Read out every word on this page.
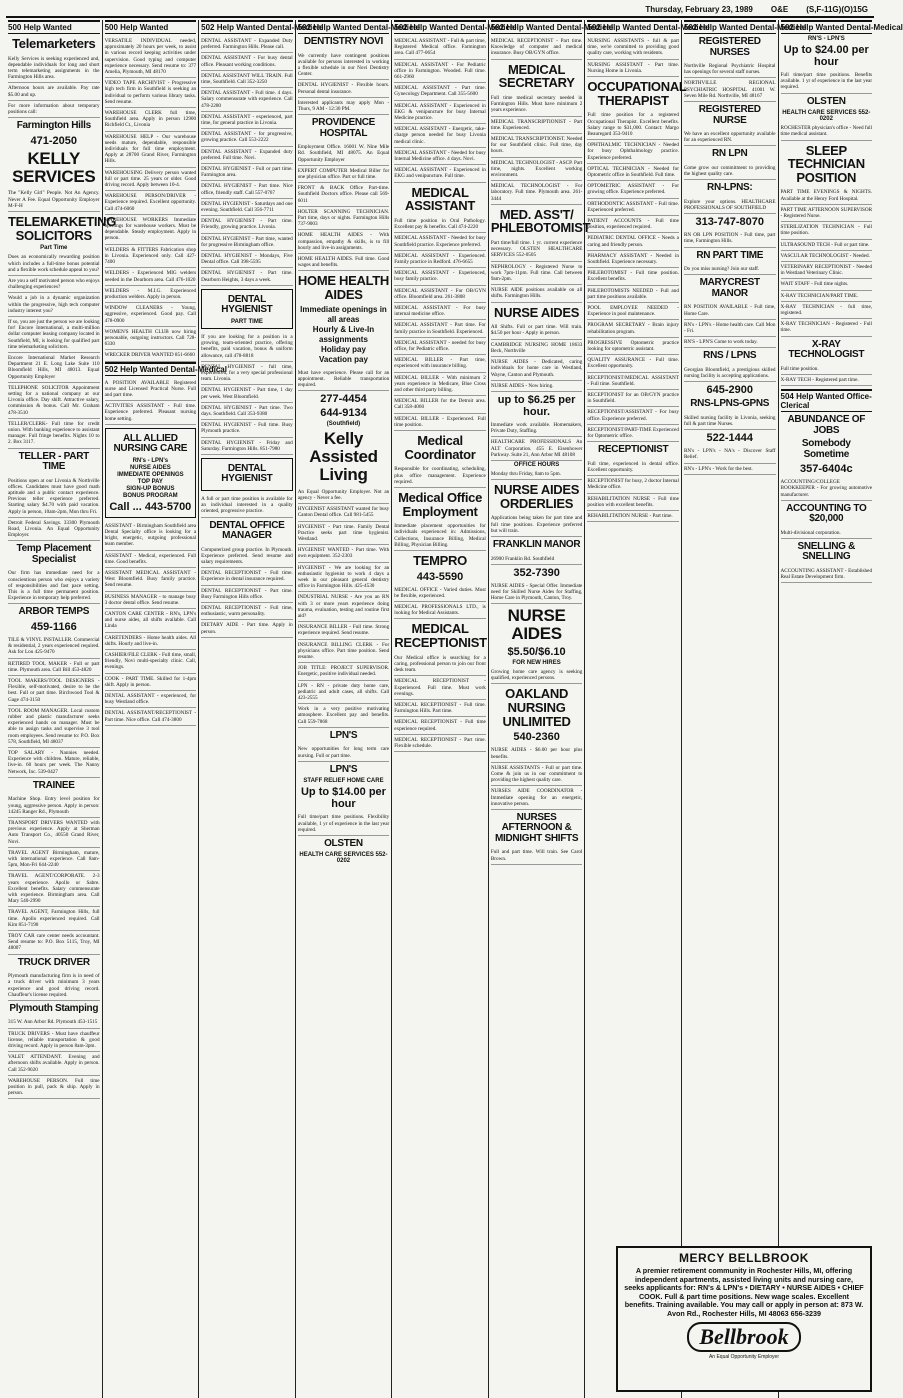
Thursday, February 23, 1989 O&E (S,F-11G)(O)15G
500 Help Wanted
Telemarketers
Kelly Services is seeking experienced and, dependable individuals for long and short term telemarketing assignments in the Farmington Hills area.
Afternoon hours are available. Pay rate $5.00 and up.
For more information about temporary positions call:
Farmington Hills
471-2050
KELLY SERVICES
The "Kelly Girl" People. Not An Agency. Never A Fee. Equal Opportunity Employer M-F-H
TELEMARKETING SOLICITORS
Part Time
Does an economically rewarding position which includes a full-time bonus potential and a flexible work schedule appeal to you?
Are you a self motivated person who enjoys challenging experiences?
Would a job in a dynamic organization within the progressive, high tech computer industry interest you?
If so, you are just the person we are looking for! Encore International, a multi-million dollar computer leasing company located in Southfield, MI, is looking for qualified part time telemarketing solicitors.
Encore International Market Research Department 21 E. Long Lake Suite 110 Bloomfield Hills, MI 48013. Equal Opportunity Employer
TELEPHONE SOLICITOR Appointment setting for a national company at our Livonia office. Day shift. Attractive salary, commission & bonus. Call Mr. Graham 478-3510
TELLER/CLERK- Full time for credit union. With banking experience to assistant manager. Full fringe benefits. Nights 10 to 2. Box 3117.
TELLER - PART TIME
Positions open at our Livonia & Northville offices. Candidates must have good math aptitude and a public contact experience. Previous teller experience preferred. Starting salary $4.70 with paid vacation. Apply in person, 10am-2pm, Mon thru Fri.
Detroit Federal Savings. 33300 Plymouth Road, Livonia. An Equal Opportunity Employer.
Temp Placement Specialist
Our firm has immediate need for a conscientious person who enjoys a variety of responsibilities and fast pace setting. This is a full time permanent position. Experience in temporary help preferred.
ARBOR TEMPS
459-1166
TILE & VINYL INSTALLER. Commercial & residential, 2 years experienced required. Ask for Lou 425-9470
RETIRED TOOL MAKER - Full or part time. Plymouth area. Call Bill 453-4820
TOOL MAKERS/TOOL DESIGNERS - Flexible, self-motivated, desire to be the best. Full or part time. Birchwood Tool & Gage 474-3150
TOOL ROOM MANAGER. Local custom rubber and plastic manufacturer seeks experienced hands on manager. Must be able to assign tasks and supervise 3 tool room employees. Send resume to: P.O. Box 578, Southfield, MI 48037
TOP SALARY - Nannies needed. Experience with children. Mature, reliable, live-in. 60 hours per week. The Nanny Network, Inc. 539-0427
TRAINEE
Machine Shop. Entry level position for young, aggressive person. Apply in person: 14245 Ranger Rd., Plymouth
TRANSPORT DRIVERS WANTED with previous experience. Apply at Sherman Auto Transport Co., 40550 Grand River, Novi.
TRAVEL AGENT Birmingham, mature, with international experience. Call 8am-5pm, Mon-Fri 644-2240
TRAVEL AGENT/CORPORATE. 2-3 years experience. Apollo or Sabre. Excellent benefits. Salary commensurate with experience. Birmingham area. Call Mary 540-2990
TRAVEL AGENT, Farmington Hills, full time. Apollo experienced required. Call Kim 851-7190
TROY CAR care center needs accountant. Send resume to: P.O. Box 5115, Troy, MI 48007
TRUCK DRIVER
Plymouth manufacturing firm is in need of a truck driver with minimum 3 years experience and good driving record. Chauffeur's license required.
Plymouth Stamping
315 W. Ann Arbor Rd. Plymouth 453-1515
TRUCK DRIVERS - Must have chauffeur license, reliable transportation & good driving record. Apply in person 8am-3pm.
VALET ATTENDANT. Evening and afternoon shifts available. Apply in person. Call 352-9020
WAREHOUSE PERSON. Full time position in pull, pack & ship. Apply in person.
500 Help Wanted
VERSATILE INDIVIDUAL needed, approximately 20 hours per week, to assist in various record keeping activities under supervision. Good typing and computer experience necessary. Send resume to: 377 Amelia, Plymouth, MI 48170
VIDEO TAPE ARCHIVIST - Progressive high tech firm in Southfield is seeking an individual to perform various library tasks. Send resume.
WAREHOUSE CLERK full time, Southfield area. Apply in person 12900 Richfield Ct., Livonia
WAREHOUSE HELP - Our warehouse needs mature, dependable, responsible individuals for full time employment. Apply at 28700 Grand River, Farmington Hills.
WAREHOUSING Delivery person wanted full or part time. 25 years or older. Good driving record. Apply between 10-4.
WAREHOUSE PERSON/DRIVER - Experience required. Excellent opportunity. Call 474-6060
WAREHOUSE WORKERS Immediate openings for warehouse workers. Must be dependable. Steady employment. Apply in person.
WELDERS & FITTERS Fabrication shop in Livonia. Experienced only. Call 427-7400
WELDERS - Experienced MIG welders needed in the Dearborn area. Call 476-1020
WELDERS - M.I.G. Experienced production welders. Apply in person.
WINDOW CLEANERS - Young, aggressive, experienced. Good pay. Call 478-0900
WOMEN'S HEALTH CLUB now hiring personable, outgoing instructors. Call 728-6330
WRECKER DRIVER WANTED 851-6660
502 Help Wanted Dental-Medical
A POSITION AVAILABLE Registered nurse and Licensed Practical Nurse. Full and part time.
ACTIVITIES ASSISTANT - Full time. Experience preferred. Pleasant nursing home setting.
ALL ALLIED NURSING CARE
RN's - LPN's
NURSE AIDES
IMMEDIATE OPENINGS
TOP PAY
SIGN-UP BONUS
BONUS PROGRAM
Call ... 443-5700
ASSISTANT - Birmingham Southfield area Dental Specialty office is looking for a bright, energetic, outgoing professional team member.
ASSISTANT - Medical, experienced. Full time. Good benefits.
ASSISTANT MEDICAL ASSISTANT - West Bloomfield. Busy family practice. Send resume.
BUSINESS MANAGER - to manage busy 3 doctor dental office. Send resume.
CANTON CARE CENTER - RN's, LPN's and nurse aides, all shifts available. Call Linda
CARETENDERS - Home health aides. All shifts. Hourly and live-in.
CASHIER/FILE CLERK - Full time, small, friendly, Novi multi-specialty clinic. Call, evenings.
COOK - PART TIME. Skilled for 1-4pm shift. Apply in person.
DENTAL ASSISTANT - experienced, for busy Westland office.
DENTAL ASSISTANT/RECEPTIONIST - Part time. Nice office. Call 474-3800
502 Help Wanted Dental-Medical
DENTAL ASSISTANT - Expanded Duty preferred. Farmington Hills. Please call.
DENTAL ASSISTANT - For busy dental office. Pleasant working conditions.
DENTAL ASSISTANT WILL TRAIN. Full time, Southfield. Call 352-3250
DENTAL ASSISTANT - Full time. 4 days. Salary commensurate with experience. Call 478-2280
DENTAL ASSISTANT - experienced, part time, for general practice in Livonia.
DENTAL ASSISTANT - for progressive, growing practice. Call 553-2222
DENTAL ASSISTANT - Expanded duty preferred. Full time. Novi.
DENTAL HYGIENIST - Full or part time. Farmington area.
DENTAL HYGIENIST - Part time. Nice office, friendly staff. Call 557-0767
DENTAL HYGIENIST - Saturdays and one evening. Southfield. Call 356-7711
DENTAL HYGIENIST - Part time. Friendly, growing practice. Livonia.
DENTAL HYGIENIST - Part time, wanted for progressive Birmingham office.
DENTAL HYGIENIST - Mondays, Five Dental office. Call 398-5595
DENTAL HYGIENIST - Part time. Dearborn Heights, 3 days a week.
DENTAL HYGIENIST
PART TIME
If you are looking for a position in a growing, team-oriented practice, offering benefits, paid vacation, bonus & uniform allowance, call 478-8818
DENTAL HYGIENIST - full time, experienced, for a very special professional team. Livonia.
DENTAL HYGIENIST - Part time, 1 day per week. West Bloomfield.
DENTAL HYGIENIST - Part time. Two days. Southfield. Call 353-9380
DENTAL HYGIENIST - Full time. Busy Plymouth practice.
DENTAL HYGIENIST - Friday and Saturday. Farmington Hills. 851-7980
DENTAL HYGIENIST
A full or part time position is available for an individual interested in a quality oriented, progressive practice.
DENTAL OFFICE MANAGER
Computerized group practice. In Plymouth. Experience preferred. Send resume and salary requirements.
DENTAL RECEPTIONIST - Full time. Experience in dental insurance required.
DENTAL RECEPTIONIST - Part time. Busy Farmington Hills office.
DENTAL RECEPTIONIST - Full time, enthusiastic, warm personality.
DIETARY AIDE - Part time. Apply in person.
502 Help Wanted Dental-Medical
DENTISTRY NOVI
We currently have contingent positions available for persons interested in working a flexible schedule in our Novi Dentistry Center.
DENTAL HYGIENIST - Flexible hours. Personal dental insurance.
Interested applicants may apply Mon - Thurs, 9 AM - 12:30 PM.
PROVIDENCE HOSPITAL
Employment Office. 16001 W. Nine Mile Rd. Southfield, MI 48075. An Equal Opportunity Employer
EXPERT COMPUTER Medical Biller for one physician office. Part or full time.
FRONT & BACK Office Part-time. Southfield Doctors office. Please call 569-6011
HOLTER SCANNING TECHNICIAN. Part time, days or nights. Farmington Hills 737-9003
HOME HEALTH AIDES - With compassion, empathy & skills, is to fill hourly and live-in assignments.
HOME HEALTH AIDES. Full time. Good wages and benefits.
HOME HEALTH AIDES
Immediate openings in all areas
Hourly & Live-In assignments
Holiday pay
Vacation pay
Must have experience. Please call for an appointment. Reliable transportation required.
277-4454
644-9134
(Southfield)
Kelly Assisted Living
An Equal Opportunity Employer. Not an agency - Never a fee.
HYGIENIST ASSISTANT wanted for busy Canton Dental office. Call 981-5455
HYGIENIST - Part time. Family Dental Practice seeks part time hygienist. Westland.
HYGIENIST WANTED - Part time. With own equipment. 352-2303
HYGIENIST - We are looking for an enthusiastic hygienist to work 4 days a week in our pleasant general dentistry office in Farmington Hills. 425-4530
INDUSTRIAL NURSE - Are you an RN with 3 or more years experience doing trauma, evaluation, testing and routine first aid?
INSURANCE BILLER - Full time. Strong experience required. Send resume.
INSURANCE BILLING CLERK - For physicians office. Part time position. Send resume.
JOB TITLE: PROJECT SUPERVISOR. Energetic, positive individual needed.
LPN - RN - private duty home care, pediatric and adult cases, all shifts. Call 423-2555
Work in a very positive motivating atmosphere. Excellent pay and benefits. Call 559-7868
LPN'S
New opportunities for long term care nursing. Full or part time.
LPN'S
STAFF RELIEF HOME CARE
Up to $14.00 per hour
Full time/part time positions. Flexibility available, 1 yr of experience in the last year required.
OLSTEN
HEALTH CARE SERVICES 552-0202
502 Help Wanted Dental-Medical
MEDICAL ASSISTANT - Full & part time, Registered Medical office. Farmington area. Call 477-0654
MEDICAL ASSISTANT - For Pediatric office in Farmington. Wooded. Full time. 661-2960
MEDICAL ASSISTANT - Part time. Gynecology Department. Call 355-5600
MEDICAL ASSISTANT - Experienced in EKG & venipuncture for busy Internal Medicine practice.
MEDICAL ASSISTANT - Energetic, take-charge person needed for busy Livonia medical clinic.
MEDICAL ASSISTANT - Needed for busy Internal Medicine office. 4 days. Novi.
MEDICAL ASSISTANT - Experienced in EKG and venipuncture. Full time.
MEDICAL ASSISTANT
Full time position in Oral Pathology. Excellent pay & benefits. Call 474-2220
MEDICAL ASSISTANT - Needed for busy Southfield practice. Experience preferred.
MEDICAL ASSISTANT - Experienced. Family practice in Redford. 476-6655
MEDICAL ASSISTANT - Experienced, busy family practice.
MEDICAL ASSISTANT - For OB/GYN office. Bloomfield area. 261-3808
MEDICAL ASSISTANT - For busy internal medicine office.
MEDICAL ASSISTANT - Part time. For family practice in Southfield. Experienced.
MEDICAL ASSISTANT - needed for busy office, for Pediatric office.
MEDICAL BILLER - Part time, experienced with insurance billing.
MEDICAL BILLER - With minimum 2 years experience in Medicare, Blue Cross and other third party billing.
MEDICAL BILLER for the Detroit area. Call 358-4060
MEDICAL BILLER - Experienced. Full time position.
Medical Coordinator
Responsible for coordinating, scheduling, plus office management. Experience required.
Medical Office Employment
Immediate placement opportunities for individuals experienced in: Admissions, Collections, Insurance Billing, Medical Billing, Physician Billing.
TEMPRO
443-5590
MEDICAL OFFICE - Varied duties. Must be flexible, experienced.
MEDICAL PROFESSIONALS LTD., is looking for Medical Assistants.
MEDICAL RECEPTIONIST
Our Medical office is searching for a caring, professional person to join our front desk team.
MEDICAL RECEPTIONIST - Experienced. Full time. Must work evenings.
MEDICAL RECEPTIONIST - Full time. Farmington Hills. Part time.
MEDICAL RECEPTIONIST - Full time experience required.
MEDICAL RECEPTIONIST - Part time. Flexible schedule.
502 Help Wanted Dental-Medical
MEDICAL RECEPTIONIST - Part time. Knowledge of computer and medical insurance. Busy OB/GYN office.
MEDICAL SECRETARY
Full time medical secretary needed in Farmington Hills. Must have minimum 2 years experience.
MEDICAL TRANSCRIPTIONIST - Part time. Experienced.
MEDICAL TRANSCRIPTIONIST. Needed for our Southfield clinic. Full time, day hours.
MEDICAL TECHNOLOGIST - ASCP. Part time, nights. Excellent working environment.
MEDICAL TECHNOLOGIST - For laboratory. Full time. Plymouth area. 261-3444
MED. ASS'T/ PHLEBOTOMIST
Part time/full time. 1 yr. current experience necessary. OLSTEN HEALTHCARE SERVICES 552-0505
NEPHROLOGY - Registered Nurse to work 7pm-11pm. Full time. Call between 9am-2pm.
NURSE AIDE positions available on all shifts. Farmington Hills.
NURSE AIDES
All Shifts. Full or part time. Will train. $4.50 per hour - Apply in person.
CAMBRIDGE NURSING HOME 18633 Beck, Northville
NURSE AIDES - Dedicated, caring individuals for home care in Westland, Wayne, Canton and Plymouth.
NURSE AIDES - Now hiring.
up to $6.25 per hour.
Immediate work available. Homemakers, Private Duty, Staffing.
HEALTHCARE PROFESSIONALS An ALT Corporation. 455 E. Eisenhower Parkway. Suite 21, Ann Arbor MI 48108
OFFICE HOURS
Monday thru Friday, 8am to 5pm.
NURSE AIDES ORDERLIES
Applications being taken for part time and full time positions. Experience preferred but will train.
FRANKLIN MANOR
26900 Franklin Rd. Southfield
352-7390
NURSE AIDES - Special Offer. Immediate need for Skilled Nurse Aides for Staffing, Home Care in Plymouth, Canton, Troy.
NURSE AIDES
$5.50/$6.10
FOR NEW HIRES
Growing home care agency is seeking qualified, experienced persons.
OAKLAND NURSING UNLIMITED
540-2360
NURSE AIDES - $6.00 per hour plus benefits.
NURSE ASSISTANTS - Full or part time. Come & join us in our commitment to providing the highest quality care.
NURSES AIDE COORDINATOR - Immediate opening for an energetic, innovative person.
NURSES AFTERNOON & MIDNIGHT SHIFTS
Full and part time. Will train. See Carol Brown.
502 Help Wanted Dental-Medical
NURSING ASSISTANTS - full & part time, we're committed to providing good quality care, working with residents.
NURSING ASSISTANT - Part time. Nursing Home in Livonia.
OCCUPATIONAL THERAPIST
Full time position for a registered Occupational Therapist. Excellent benefits. Salary range to $31,000. Contact: Margo Beauregard 353-9410
OPHTHALMIC TECHNICIAN - Needed for busy Ophthalmology practice. Experience preferred.
OPTICAL TECHNICIAN - Needed for Optometric office in Southfield. Full time.
OPTOMETRIC ASSISTANT - For growing office. Experience preferred.
ORTHODONTIC ASSISTANT - Full time. Experienced preferred.
PATIENT ACCOUNTS - Full time position, experienced required.
PEDIATRIC DENTAL OFFICE - Needs a caring and friendly person.
PHARMACY ASSISTANT - Needed in Southfield. Experience necessary.
PHLEBOTOMIST - Full time position. Excellent benefits.
PHLEBOTOMISTS NEEDED - Full and part time positions available.
POOL EMPLOYEE NEEDED - Experience in pool maintenance.
PROGRAM SECRETARY - Brain injury rehabilitation program.
PROGRESSIVE Optometric practice looking for optometric assistant.
QUALITY ASSURANCE - Full time. Excellent opportunity.
RECEPTIONIST/MEDICAL ASSISTANT - Full time. Southfield.
RECEPTIONIST for an OB/GYN practice in Southfield.
RECEPTIONIST/ASSISTANT - For busy office. Experience preferred.
RECEPTIONIST/PART-TIME Experienced for Optometric office.
RECEPTIONIST
Full time, experienced in dental office. Excellent opportunity.
RECEPTIONIST for busy, 2 doctor Internal Medicine office.
REHABILITATION NURSE - Full time position with excellent benefits.
REHABILITATION NURSE - Part time.
502 Help Wanted Dental-Medical
REGISTERED NURSES
Northville Regional Psychiatric Hospital has openings for several staff nurses.
NORTHVILLE REGIONAL PSYCHIATRIC HOSPITAL 41001 W. Seven Mile Rd. Northville, MI 48167
REGISTERED NURSE
We have an excellent opportunity available for an experienced RN.
RN LPN
Come grow our commitment to providing the highest quality care.
RN-LPNS:
Explore your options. HEALTHCARE PROFESSIONALS OF SOUTHFIELD
313-747-8070
RN OR LPN POSITION - Full time, part time, Farmington Hills.
RN PART TIME
Do you miss nursing? Join our staff.
MARYCREST MANOR
RN POSITION AVAILABLE - Full time, Home Care.
RN's - LPN's - Home health care. Call Mon - Fri.
RN'S - LPN'S Come to work today.
RNS / LPNS
Georgian Bloomfield, a prestigious skilled nursing facility is accepting applications.
645-2900
RNS-LPNS-GPNS
Skilled nursing facility in Livonia, seeking full & part time Nurses.
522-1444
RN's - LPN's - NA's - Discover Staff Relief.
RN's - LPN's - Work for the best.
502 Help Wanted Dental-Medical
RN'S - LPN'S
Up to $24.00 per hour
Full time/part time positions. Benefits available. 1 yr of experience in the last year required.
OLSTEN
HEALTH CARE SERVICES 552-0202
ROCHESTER physician's office - Need full time medical assistant.
SLEEP TECHNICIAN POSITION
PART TIME EVENINGS & NIGHTS. Available at the Henry Ford Hospital.
PART TIME AFTERNOON SUPERVISOR - Registered Nurse.
STERILIZATION TECHNICIAN - Full time position.
ULTRASOUND TECH - Full or part time.
VASCULAR TECHNOLOGIST - Needed.
VETERINARY RECEPTIONIST - Needed in Westland Veterinary Clinic.
WAIT STAFF - Full time nights.
X-RAY TECHNICIAN/PART TIME.
X-RAY TECHNICIAN - full time, registered.
X-RAY TECHNICIAN - Registered - Full time.
X-RAY TECHNOLOGIST
Full time position.
X-RAY TECH - Registered part time.
504 Help Wanted Office-Clerical
ABUNDANCE OF JOBS
Somebody Sometime
357-6404c
ACCOUNTING/COLLEGE BOOKKEEPER - For growing automotive manufacturer.
ACCOUNTING TO $20,000
Multi-divisional corporation.
SNELLING & SNELLING
ACCOUNTING ASSISTANT - Established Real Estate Development firm.
MERCY BELLBROOK
A premier retirement community in Rochester Hills, MI, offering independent apartments, assisted living units and nursing care, seeks applicants for: RN's & LPN's • DIETARY • NURSE AIDES • CHIEF COOK. Full & part time positions. New wage scales. Excellent benefits. Training available. You may call or apply in person at: 873 W. Avon Rd., Rochester Hills, MI 48063 656-3239
Bellbrook
An Equal Opportunity Employer
